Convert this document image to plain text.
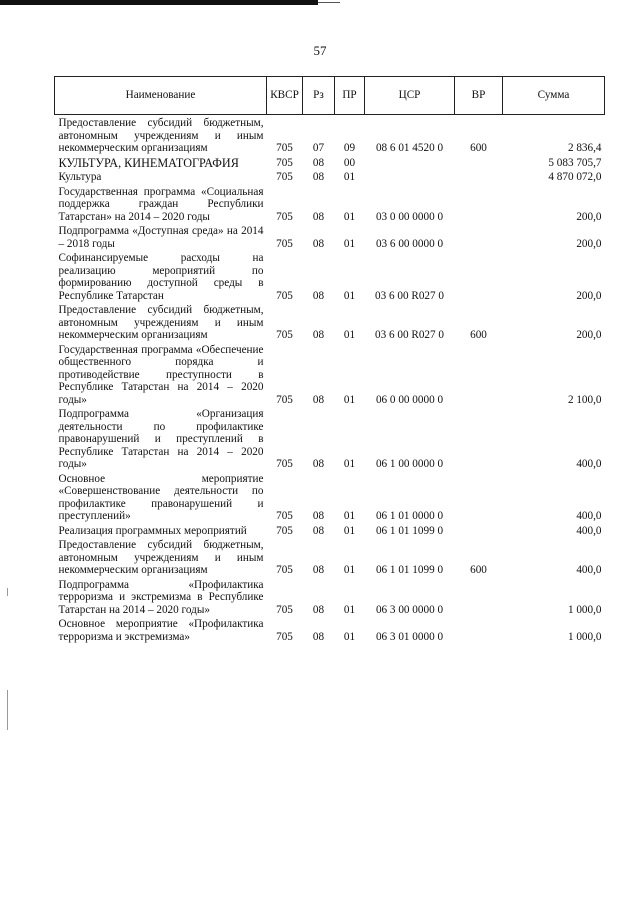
57
Наименование	КВСР	Рз	ПР	ЦСР	ВР	Сумма
Предоставление субсидий бюджетным, автономным учреждениям и иным некоммерческим организациям	705	07	09	08 6 01 4520 0	600	2 836,4
КУЛЬТУРА, КИНЕМАТОГРАФИЯ	705	08	00			5 083 705,7
Культура	705	08	01			4 870 072,0
Государственная программа «Социальная поддержка граждан Республики Татарстан» на 2014 – 2020 годы	705	08	01	03 0 00 0000 0		200,0
Подпрограмма «Доступная среда» на 2014 – 2018 годы	705	08	01	03 6 00 0000 0		200,0
Софинансируемые расходы на реализацию мероприятий по формированию доступной среды в Республике Татарстан	705	08	01	03 6 00 R027 0		200,0
Предоставление субсидий бюджетным, автономным учреждениям и иным некоммерческим организациям	705	08	01	03 6 00 R027 0	600	200,0
Государственная программа «Обеспечение общественного порядка и противодействие преступности в Республике Татарстан на 2014 – 2020 годы»	705	08	01	06 0 00 0000 0		2 100,0
Подпрограмма «Организация деятельности по профилактике правонарушений и преступлений в Республике Татарстан на 2014 – 2020 годы»	705	08	01	06 1 00 0000 0		400,0
Основное мероприятие «Совершенствование деятельности по профилактике правонарушений и преступлений»	705	08	01	06 1 01 0000 0		400,0
Реализация программных мероприятий	705	08	01	06 1 01 1099 0		400,0
Предоставление субсидий бюджетным, автономным учреждениям и иным некоммерческим организациям	705	08	01	06 1 01 1099 0	600	400,0
Подпрограмма «Профилактика терроризма и экстремизма в Республике Татарстан на 2014 – 2020 годы»	705	08	01	06 3 00 0000 0		1 000,0
Основное мероприятие «Профилактика терроризма и экстремизма»	705	08	01	06 3 01 0000 0		1 000,0
